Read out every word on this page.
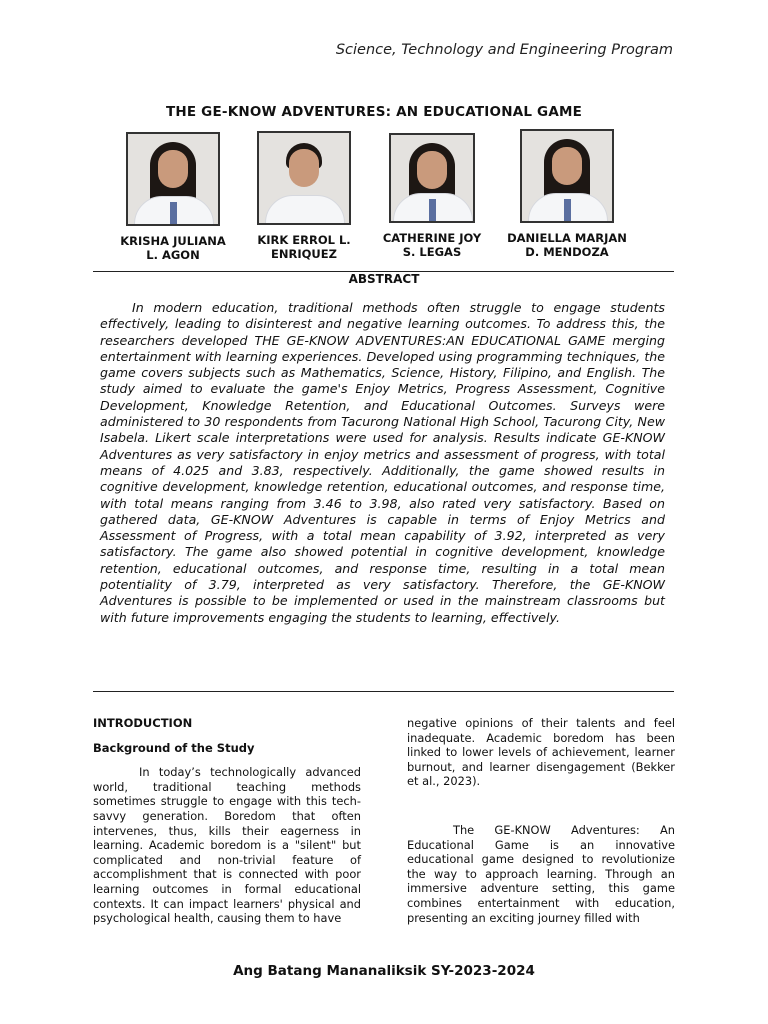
Science, Technology and Engineering Program
THE GE-KNOW ADVENTURES: AN EDUCATIONAL GAME
KRISHA JULIANA
L. AGON
KIRK ERROL L.
ENRIQUEZ
CATHERINE JOY
S. LEGAS
DANIELLA MARJAN
D. MENDOZA
ABSTRACT

In modern education, traditional methods often struggle to engage students effectively, leading to disinterest and negative learning outcomes. To address this, the researchers developed THE GE-KNOW ADVENTURES:AN EDUCATIONAL GAME merging entertainment with learning experiences. Developed using programming techniques, the game covers subjects such as Mathematics, Science, History, Filipino, and English. The study aimed to evaluate the game's Enjoy Metrics, Progress Assessment, Cognitive Development, Knowledge Retention, and Educational Outcomes. Surveys were administered to 30 respondents from Tacurong National High School, Tacurong City, New Isabela. Likert scale interpretations were used for analysis. Results indicate GE-KNOW Adventures as very satisfactory in enjoy metrics and assessment of progress, with total means of 4.025 and 3.83, respectively. Additionally, the game showed results in cognitive development, knowledge retention, educational outcomes, and response time, with total means ranging from 3.46 to 3.98, also rated very satisfactory. Based on gathered data, GE-KNOW Adventures is capable in terms of Enjoy Metrics and Assessment of Progress, with a total mean capability of 3.92, interpreted as very satisfactory. The game also showed potential in cognitive development, knowledge retention, educational outcomes, and response time, resulting in a total mean potentiality of 3.79, interpreted as very satisfactory. Therefore, the GE-KNOW Adventures is possible to be implemented or used in the mainstream classrooms but with future improvements engaging the students to learning, effectively.

INTRODUCTION

Background of the Study

In today’s technologically advanced world, traditional teaching methods sometimes struggle to engage with this tech-savvy generation. Boredom that often intervenes, thus, kills their eagerness in learning. Academic boredom is a "silent" but complicated and non-trivial feature of accomplishment that is connected with poor learning outcomes in formal educational contexts. It can impact learners' physical and psychological health, causing them to have

negative opinions of their talents and feel inadequate. Academic boredom has been linked to lower levels of achievement, learner burnout, and learner disengagement (Bekker et al., 2023).

The GE-KNOW Adventures: An Educational Game is an innovative educational game designed to revolutionize the way to approach learning. Through an immersive adventure setting, this game combines entertainment with education, presenting an exciting journey filled with

Ang Batang Mananaliksik SY-2023-2024
